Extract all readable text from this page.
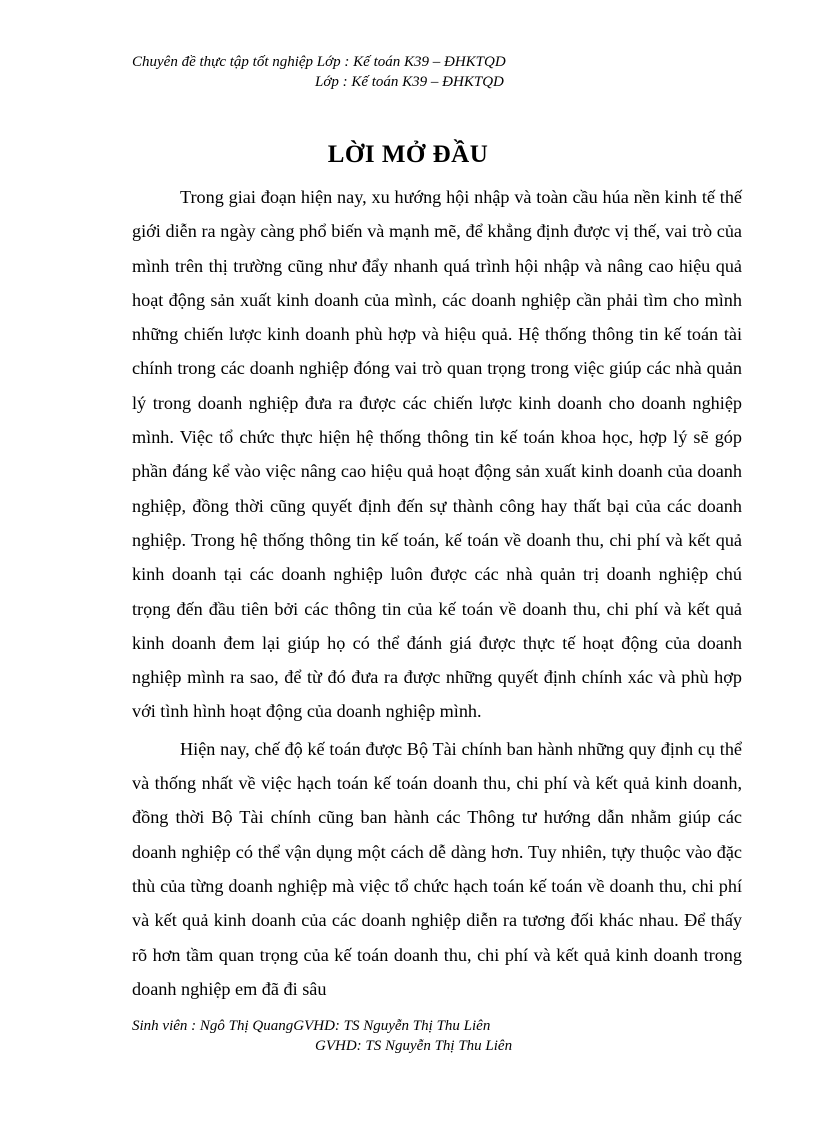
Chuyên đề thực tập tốt nghiệp Lớp : Kế toán K39 – ĐHKTQD
Lớp : Kế toán K39 – ĐHKTQD
LỜI MỞ ĐẦU

Trong giai đoạn hiện nay, xu hướng hội nhập và toàn cầu húa nền kinh tế thế giới diễn ra ngày càng phổ biến và mạnh mẽ, để khẳng định được vị thế, vai trò của mình trên thị trường cũng như đẩy nhanh quá trình hội nhập và nâng cao hiệu quả hoạt động sản xuất kinh doanh của mình, các doanh nghiệp cần phải tìm cho mình những chiến lược kinh doanh phù hợp và hiệu quả. Hệ thống thông tin kế toán tài chính trong các doanh nghiệp đóng vai trò quan trọng trong việc giúp các nhà quản lý trong doanh nghiệp đưa ra được các chiến lược kinh doanh cho doanh nghiệp mình. Việc tổ chức thực hiện hệ thống thông tin kế toán khoa học, hợp lý sẽ góp phần đáng kể vào việc nâng cao hiệu quả hoạt động sản xuất kinh doanh của doanh nghiệp, đồng thời cũng quyết định đến sự thành công hay thất bại của các doanh nghiệp. Trong hệ thống thông tin kế toán, kế toán về doanh thu, chi phí và kết quả kinh doanh tại các doanh nghiệp luôn được các nhà quản trị doanh nghiệp chú trọng đến đầu tiên bởi các thông tin của kế toán về doanh thu, chi phí và kết quả kinh doanh đem lại giúp họ có thể đánh giá được thực tế hoạt động của doanh nghiệp mình ra sao, để từ đó đưa ra được những quyết định chính xác và phù hợp với tình hình hoạt động của doanh nghiệp mình.

Hiện nay, chế độ kế toán được Bộ Tài chính ban hành những quy định cụ thể và thống nhất về việc hạch toán kế toán doanh thu, chi phí và kết quả kinh doanh, đồng thời Bộ Tài chính cũng ban hành các Thông tư hướng dẫn nhằm giúp các doanh nghiệp có thể vận dụng một cách dễ dàng hơn. Tuy nhiên, tựy thuộc vào đặc thù của từng doanh nghiệp mà việc tổ chức hạch toán kế toán về doanh thu, chi phí và kết quả kinh doanh của các doanh nghiệp diễn ra tương đối khác nhau. Để thấy rõ hơn tầm quan trọng của kế toán doanh thu, chi phí và kết quả kinh doanh trong doanh nghiệp em đã đi sâu

Sinh viên : Ngô Thị QuangGVHD: TS Nguyễn Thị Thu Liên
GVHD: TS Nguyễn Thị Thu Liên
